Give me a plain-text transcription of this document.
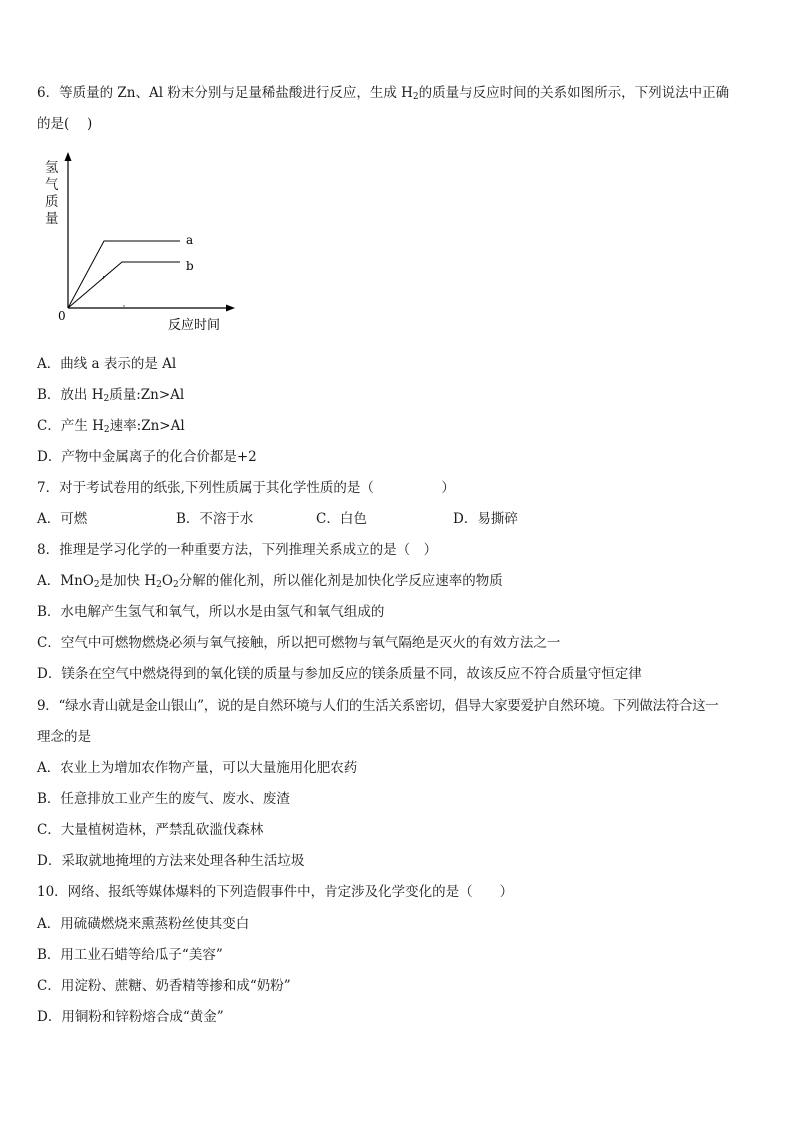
6．等质量的 Zn、Al 粉末分别与足量稀盐酸进行反应，生成 $H_2$的质量与反应时间的关系如图所示，下列说法中正确
的是(　 )
氢
气
质
量
a
b
0
反应时间
A．曲线 a 表示的是 Al
B．放出 $H_2$质量:Zn>Al
C．产生 $H_2$速率:Zn>Al
D．产物中金属离子的化合价都是+2
7．对于考试卷用的纸张,下列性质属于其化学性质的是（　　　　　）
A．可燃	B．不溶于水	C．白色	D．易撕碎
8．推理是学习化学的一种重要方法，下列推理关系成立的是（　）
A．MnO$_2$是加快 $H_2O_2$分解的催化剂，所以催化剂是加快化学反应速率的物质
B．水电解产生氢气和氧气，所以水是由氢气和氧气组成的
C．空气中可燃物燃烧必须与氧气接触，所以把可燃物与氧气隔绝是灭火的有效方法之一
D．镁条在空气中燃烧得到的氧化镁的质量与参加反应的镁条质量不同，故该反应不符合质量守恒定律
9．“绿水青山就是金山银山”，说的是自然环境与人们的生活关系密切，倡导大家要爱护自然环境。下列做法符合这一
理念的是
A．农业上为增加农作物产量，可以大量施用化肥农药
B．任意排放工业产生的废气、废水、废渣
C．大量植树造林，严禁乱砍滥伐森林
D．采取就地掩埋的方法来处理各种生活垃圾
10．网络、报纸等媒体爆料的下列造假事件中，肯定涉及化学变化的是（　　）
A．用硫磺燃烧来熏蒸粉丝使其变白
B．用工业石蜡等给瓜子“美容”
C．用淀粉、蔗糖、奶香精等掺和成“奶粉”
D．用铜粉和锌粉熔合成“黄金”
